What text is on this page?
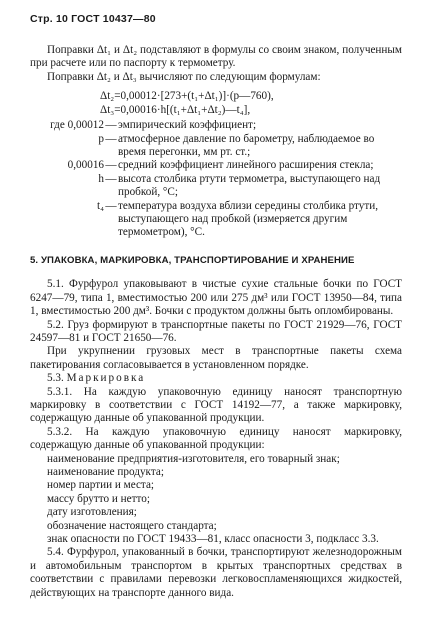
Стр. 10 ГОСТ 10437—80

Поправки Δt₁ и Δt₂ подставляют в формулы со своим знаком, полученным при расчете или по паспорту к термометру.

Поправки Δt₂ и Δt₃ вычисляют по следующим формулам:

Δt₂=0,00012·[273+(t₁+Δt₁)]·(p—760),
Δt₃=0,00016·h[(t₁+Δt₁+Δt₂)—t₄],
где 0,00012 — эмпирический коэффициент;
p — атмосферное давление по барометру, наблюдаемое во время перегонки, мм рт. ст.;
0,00016 — средний коэффициент линейного расширения стекла;
h — высота столбика ртути термометра, выступающего над пробкой, °С;
t₄ — температура воздуха вблизи середины столбика ртути, выступающего над пробкой (измеряется другим термометром), °С.
5. УПАКОВКА, МАРКИРОВКА, ТРАНСПОРТИРОВАНИЕ И ХРАНЕНИЕ

5.1. Фурфурол упаковывают в чистые сухие стальные бочки по ГОСТ 6247—79, типа 1, вместимостью 200 или 275 дм³ или ГОСТ 13950—84, типа 1, вместимостью 200 дм³. Бочки с продуктом должны быть опломбированы.

5.2. Груз формируют в транспортные пакеты по ГОСТ 21929—76, ГОСТ 24597—81 и ГОСТ 21650—76.

При укрупнении грузовых мест в транспортные пакеты схема пакетирования согласовывается в установленном порядке.

5.3. Маркировка

5.3.1. На каждую упаковочную единицу наносят транспортную маркировку в соответствии с ГОСТ 14192—77, а также маркировку, содержащую данные об упакованной продукции.

5.3.2. На каждую упаковочную единицу наносят маркировку, содержащую данные об упакованной продукции:

наименование предприятия-изготовителя, его товарный знак;
наименование продукта;
номер партии и места;
массу брутто и нетто;
дату изготовления;
обозначение настоящего стандарта;
знак опасности по ГОСТ 19433—81, класс опасности 3, подкласс 3.3.

5.4. Фурфурол, упакованный в бочки, транспортируют железнодорожным и автомобильным транспортом в крытых транспортных средствах в соответствии с правилами перевозки легковоспламеняющихся жидкостей, действующих на транспорте данного вида.
